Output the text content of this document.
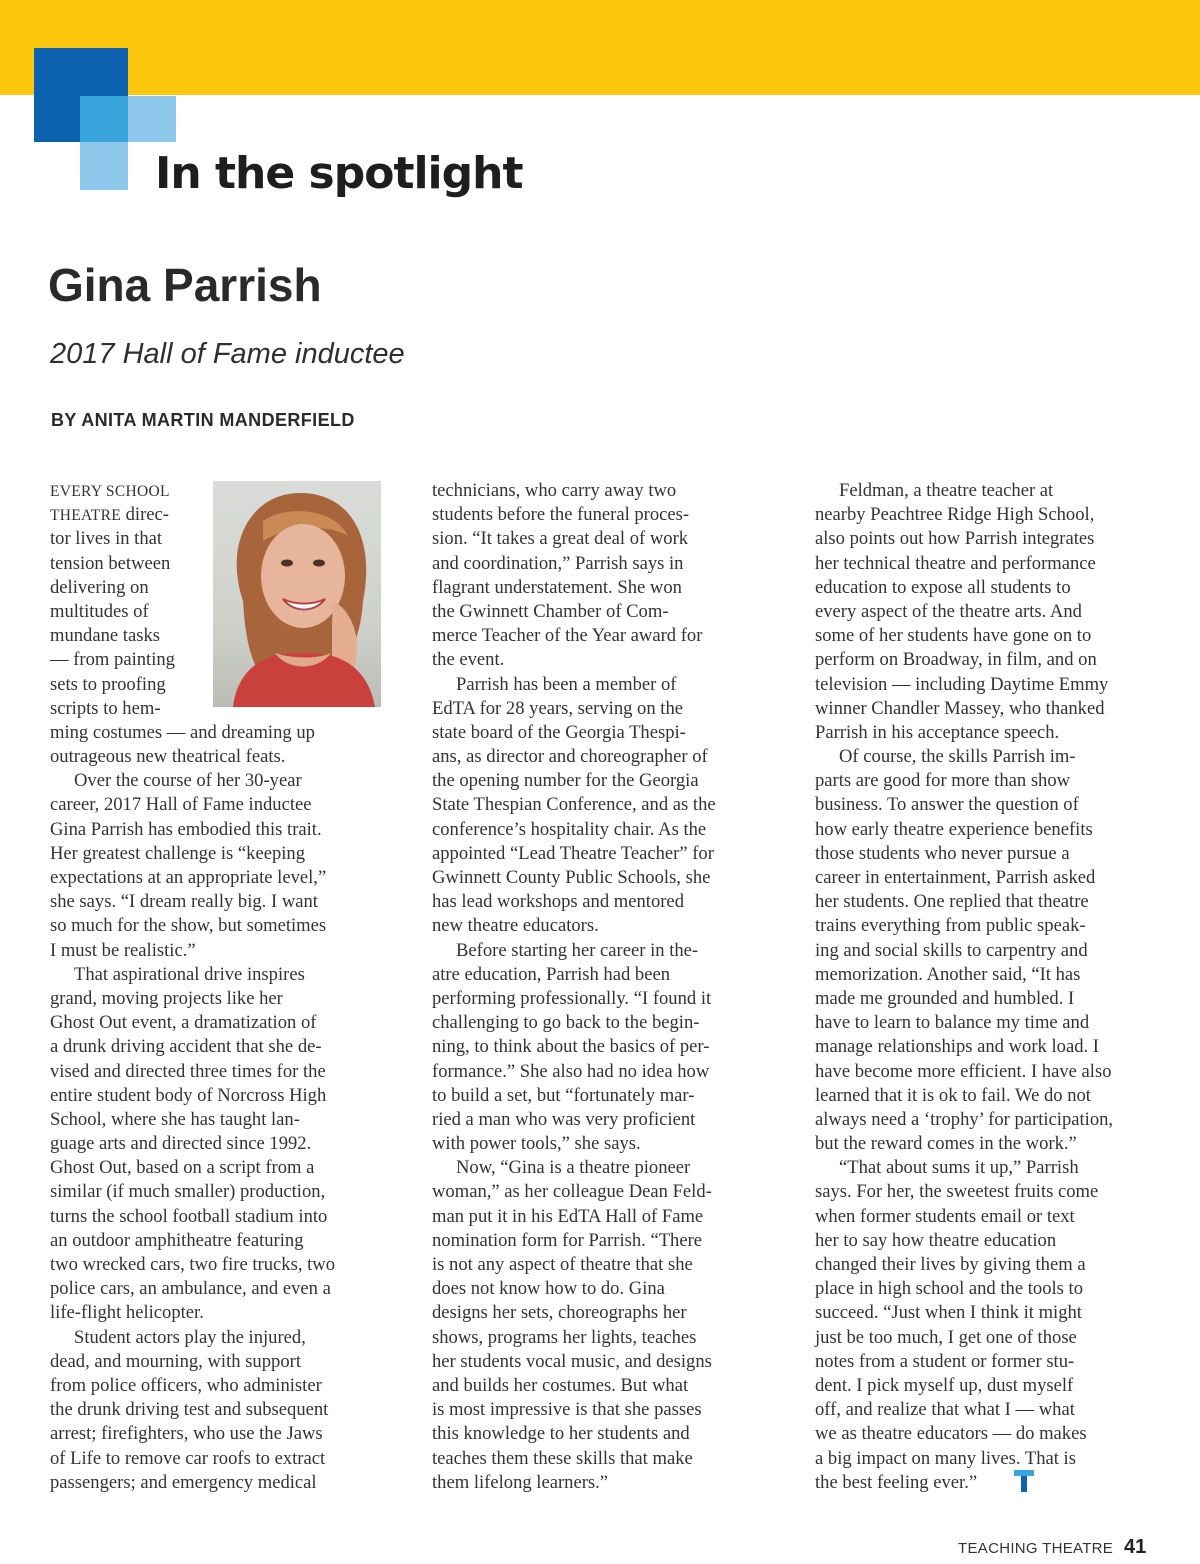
In the spotlight
Gina Parrish

2017 Hall of Fame inductee

BY ANITA MARTIN MANDERFIELD

EVERY SCHOOL
THEATRE direc-
tor lives in that
tension between
delivering on
multitudes of
mundane tasks
— from painting
sets to proofing
scripts to hem-
ming costumes — and dreaming up
outrageous new theatrical feats.
Over the course of her 30-year
career, 2017 Hall of Fame inductee
Gina Parrish has embodied this trait.
Her greatest challenge is “keeping
expectations at an appropriate level,”
she says. “I dream really big. I want
so much for the show, but sometimes
I must be realistic.”
That aspirational drive inspires
grand, moving projects like her
Ghost Out event, a dramatization of
a drunk driving accident that she de-
vised and directed three times for the
entire student body of Norcross High
School, where she has taught lan-
guage arts and directed since 1992.
Ghost Out, based on a script from a
similar (if much smaller) production,
turns the school football stadium into
an outdoor amphitheatre featuring
two wrecked cars, two fire trucks, two
police cars, an ambulance, and even a
life-flight helicopter.
Student actors play the injured,
dead, and mourning, with support
from police officers, who administer
the drunk driving test and subsequent
arrest; firefighters, who use the Jaws
of Life to remove car roofs to extract
passengers; and emergency medical
technicians, who carry away two
students before the funeral proces-
sion. “It takes a great deal of work
and coordination,” Parrish says in
flagrant understatement. She won
the Gwinnett Chamber of Com-
merce Teacher of the Year award for
the event.
Parrish has been a member of
EdTA for 28 years, serving on the
state board of the Georgia Thespi-
ans, as director and choreographer of
the opening number for the Georgia
State Thespian Conference, and as the
conference’s hospitality chair. As the
appointed “Lead Theatre Teacher” for
Gwinnett County Public Schools, she
has lead workshops and mentored
new theatre educators.
Before starting her career in the-
atre education, Parrish had been
performing professionally. “I found it
challenging to go back to the begin-
ning, to think about the basics of per-
formance.” She also had no idea how
to build a set, but “fortunately mar-
ried a man who was very proficient
with power tools,” she says.
Now, “Gina is a theatre pioneer
woman,” as her colleague Dean Feld-
man put it in his EdTA Hall of Fame
nomination form for Parrish. “There
is not any aspect of theatre that she
does not know how to do. Gina
designs her sets, choreographs her
shows, programs her lights, teaches
her students vocal music, and designs
and builds her costumes. But what
is most impressive is that she passes
this knowledge to her students and
teaches them these skills that make
them lifelong learners.”
Feldman, a theatre teacher at
nearby Peachtree Ridge High School,
also points out how Parrish integrates
her technical theatre and performance
education to expose all students to
every aspect of the theatre arts. And
some of her students have gone on to
perform on Broadway, in film, and on
television — including Daytime Emmy
winner Chandler Massey, who thanked
Parrish in his acceptance speech.
Of course, the skills Parrish im-
parts are good for more than show
business. To answer the question of
how early theatre experience benefits
those students who never pursue a
career in entertainment, Parrish asked
her students. One replied that theatre
trains everything from public speak-
ing and social skills to carpentry and
memorization. Another said, “It has
made me grounded and humbled. I
have to learn to balance my time and
manage relationships and work load. I
have become more efficient. I have also
learned that it is ok to fail. We do not
always need a ‘trophy’ for participation,
but the reward comes in the work.”
“That about sums it up,” Parrish
says. For her, the sweetest fruits come
when former students email or text
her to say how theatre education
changed their lives by giving them a
place in high school and the tools to
succeed. “Just when I think it might
just be too much, I get one of those
notes from a student or former stu-
dent. I pick myself up, dust myself
off, and realize that what I — what
we as theatre educators — do makes
a big impact on many lives. That is
the best feeling ever.”

TEACHING THEATRE 41
